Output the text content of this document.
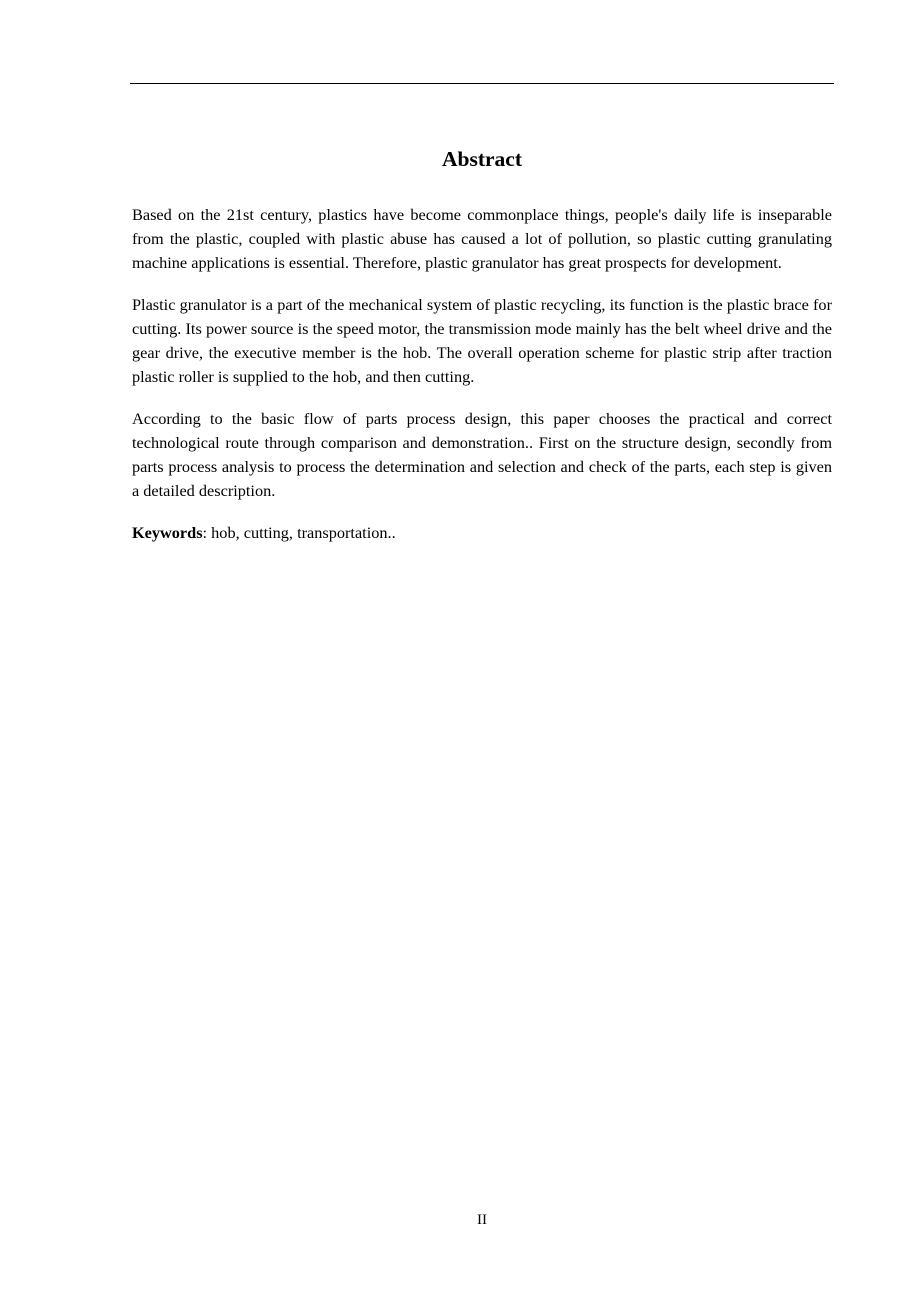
Abstract

Based on the 21st century, plastics have become commonplace things, people's daily life is inseparable from the plastic, coupled with plastic abuse has caused a lot of pollution, so plastic cutting granulating machine applications is essential. Therefore, plastic granulator has great prospects for development.

Plastic granulator is a part of the mechanical system of plastic recycling, its function is the plastic brace for cutting. Its power source is the speed motor, the transmission mode mainly has the belt wheel drive and the gear drive, the executive member is the hob. The overall operation scheme for plastic strip after traction plastic roller is supplied to the hob, and then cutting.

According to the basic flow of parts process design, this paper chooses the practical and correct technological route through comparison and demonstration.. First on the structure design, secondly from parts process analysis to process the determination and selection and check of the parts, each step is given a detailed description.

Keywords: hob, cutting, transportation..

II
